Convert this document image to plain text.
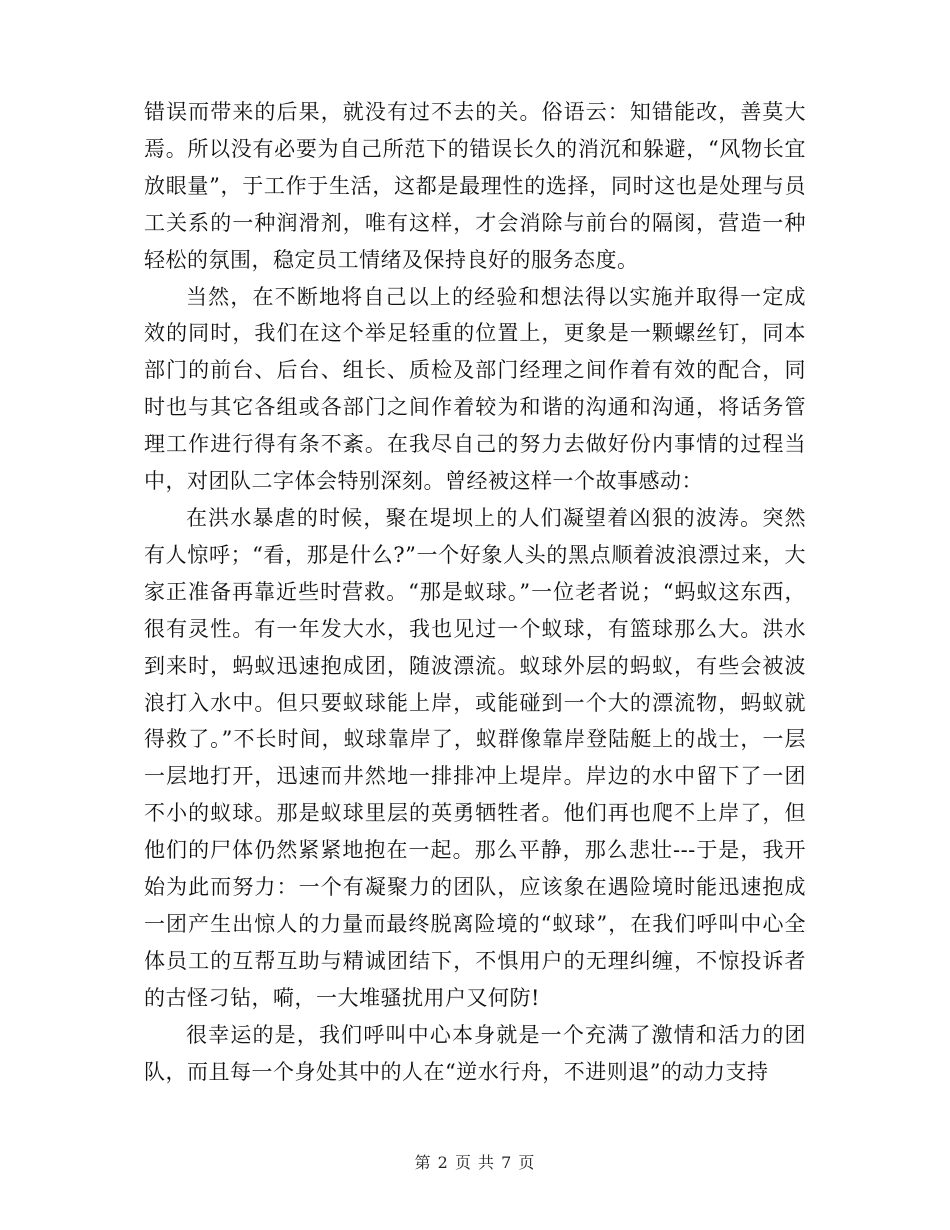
错误而带来的后果，就没有过不去的关。俗语云：知错能改，善莫大焉。所以没有必要为自己所范下的错误长久的消沉和躲避，“风物长宜放眼量”，于工作于生活，这都是最理性的选择，同时这也是处理与员工关系的一种润滑剂，唯有这样，才会消除与前台的隔阂，营造一种轻松的氛围，稳定员工情绪及保持良好的服务态度。

当然，在不断地将自己以上的经验和想法得以实施并取得一定成效的同时，我们在这个举足轻重的位置上，更象是一颗螺丝钉，同本部门的前台、后台、组长、质检及部门经理之间作着有效的配合，同时也与其它各组或各部门之间作着较为和谐的沟通和沟通，将话务管理工作进行得有条不紊。在我尽自己的努力去做好份内事情的过程当中，对团队二字体会特别深刻。曾经被这样一个故事感动：

在洪水暴虐的时候，聚在堤坝上的人们凝望着凶狠的波涛。突然有人惊呼；“看，那是什么?”一个好象人头的黑点顺着波浪漂过来，大家正准备再靠近些时营救。“那是蚁球。”一位老者说；“蚂蚁这东西，很有灵性。有一年发大水，我也见过一个蚁球，有篮球那么大。洪水到来时，蚂蚁迅速抱成团，随波漂流。蚁球外层的蚂蚁，有些会被波浪打入水中。但只要蚁球能上岸，或能碰到一个大的漂流物，蚂蚁就得救了。”不长时间，蚁球靠岸了，蚁群像靠岸登陆艇上的战士，一层一层地打开，迅速而井然地一排排冲上堤岸。岸边的水中留下了一团不小的蚁球。那是蚁球里层的英勇牺牲者。他们再也爬不上岸了，但他们的尸体仍然紧紧地抱在一起。那么平静，那么悲壮---于是，我开始为此而努力：一个有凝聚力的团队，应该象在遇险境时能迅速抱成一团产生出惊人的力量而最终脱离险境的“蚁球”，在我们呼叫中心全体员工的互帮互助与精诚团结下，不惧用户的无理纠缠，不惊投诉者的古怪刁钻，嗬，一大堆骚扰用户又何防!

很幸运的是，我们呼叫中心本身就是一个充满了激情和活力的团队，而且每一个身处其中的人在“逆水行舟，不进则退”的动力支持

第 2 页 共 7 页
